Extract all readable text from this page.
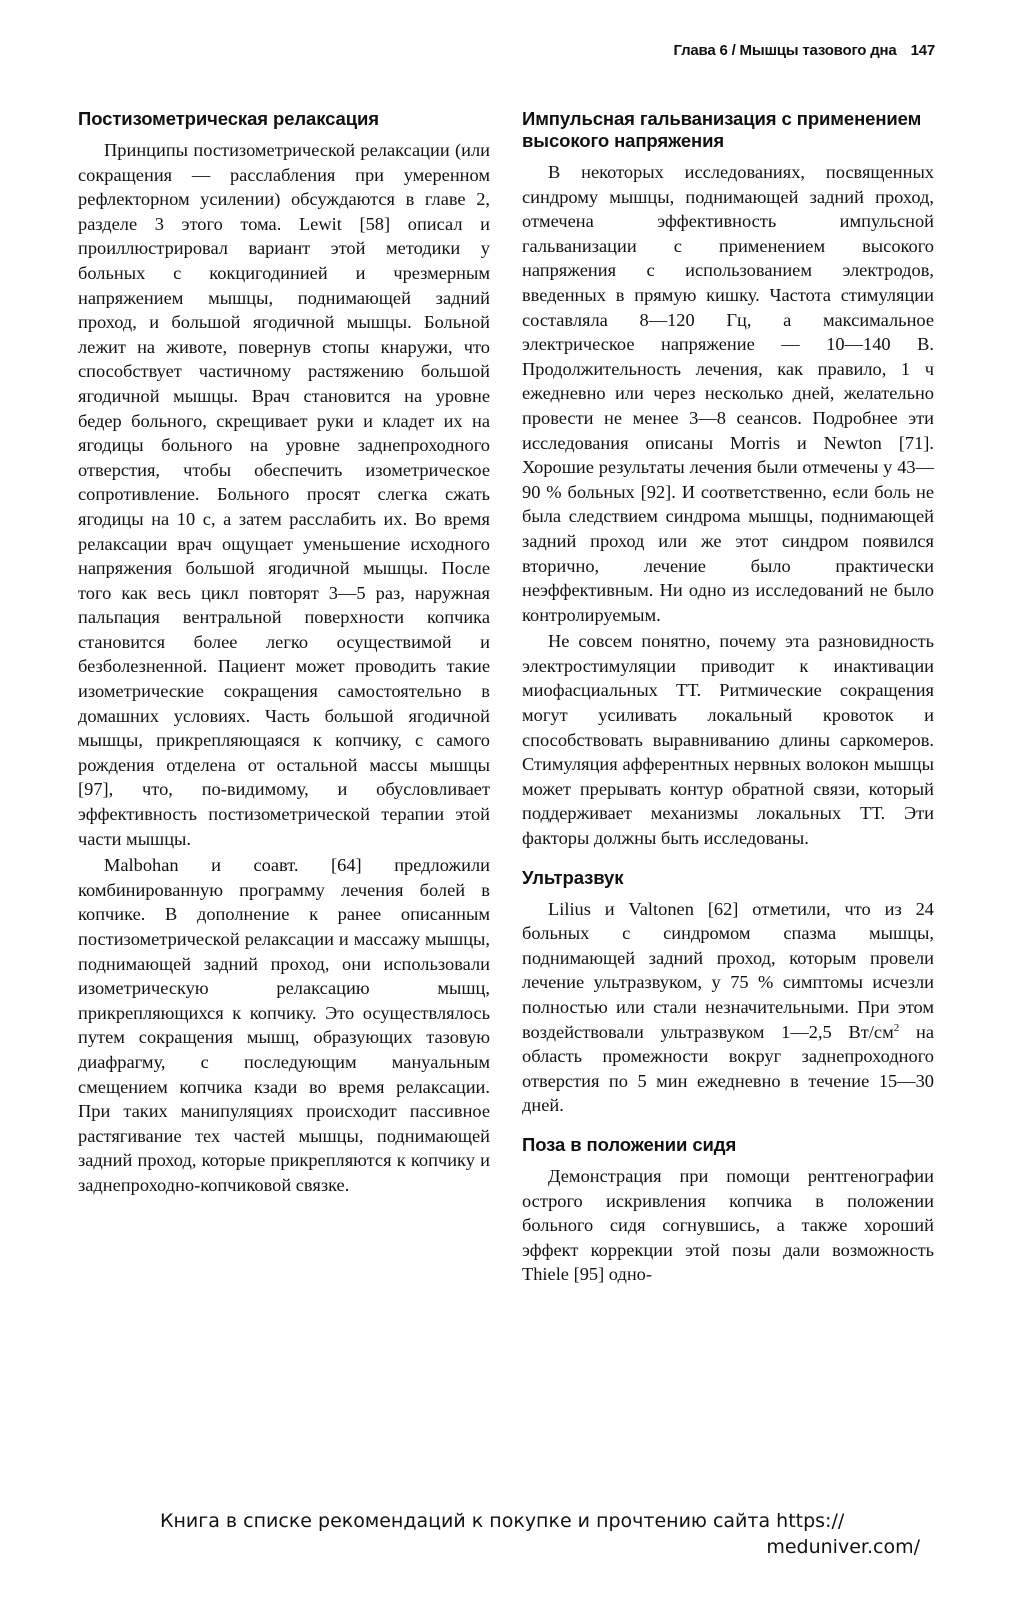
Глава 6 / Мышцы тазового дна 147
Постизометрическая релаксация

Принципы постизометрической релаксации (или сокращения — расслабления при умеренном рефлекторном усилении) обсуждаются в главе 2, разделе 3 этого тома. Lewit [58] описал и проиллюстрировал вариант этой методики у больных с кокцигодинией и чрезмерным напряжением мышцы, поднимающей задний проход, и большой ягодичной мышцы. Больной лежит на животе, повернув стопы кнаружи, что способствует частичному растяжению большой ягодичной мышцы. Врач становится на уровне бедер больного, скрещивает руки и кладет их на ягодицы больного на уровне заднепроходного отверстия, чтобы обеспечить изометрическое сопротивление. Больного просят слегка сжать ягодицы на 10 с, а затем расслабить их. Во время релаксации врач ощущает уменьшение исходного напряжения большой ягодичной мышцы. После того как весь цикл повторят 3—5 раз, наружная пальпация вентральной поверхности копчика становится более легко осуществимой и безболезненной. Пациент может проводить такие изометрические сокращения самостоятельно в домашних условиях. Часть большой ягодичной мышцы, прикрепляющаяся к копчику, с самого рождения отделена от остальной массы мышцы [97], что, по-видимому, и обусловливает эффективность постизометрической терапии этой части мышцы.

Malbohan и соавт. [64] предложили комбинированную программу лечения болей в копчике. В дополнение к ранее описанным постизометрической релаксации и массажу мышцы, поднимающей задний проход, они использовали изометрическую релаксацию мышц, прикрепляющихся к копчику. Это осуществлялось путем сокращения мышц, образующих тазовую диафрагму, с последующим мануальным смещением копчика кзади во время релаксации. При таких манипуляциях происходит пассивное растягивание тех частей мышцы, поднимающей задний проход, которые прикрепляются к копчику и заднепроходно-копчиковой связке.

Импульсная гальванизация с применением высокого напряжения

В некоторых исследованиях, посвященных синдрому мышцы, поднимающей задний проход, отмечена эффективность импульсной гальванизации с применением высокого напряжения с использованием электродов, введенных в прямую кишку. Частота стимуляции составляла 8—120 Гц, а максимальное электрическое напряжение — 10—140 В. Продолжительность лечения, как правило, 1 ч ежедневно или через несколько дней, желательно провести не менее 3—8 сеансов. Подробнее эти исследования описаны Morris и Newton [71]. Хорошие результаты лечения были отмечены у 43—90 % больных [92]. И соответственно, если боль не была следствием синдрома мышцы, поднимающей задний проход или же этот синдром появился вторично, лечение было практически неэффективным. Ни одно из исследований не было контролируемым.

Не совсем понятно, почему эта разновидность электростимуляции приводит к инактивации миофасциальных ТТ. Ритмические сокращения могут усиливать локальный кровоток и способствовать выравниванию длины саркомеров. Стимуляция афферентных нервных волокон мышцы может прерывать контур обратной связи, который поддерживает механизмы локальных ТТ. Эти факторы должны быть исследованы.

Ультразвук

Lilius и Valtonen [62] отметили, что из 24 больных с синдромом спазма мышцы, поднимающей задний проход, которым провели лечение ультразвуком, у 75 % симптомы исчезли полностью или стали незначительными. При этом воздействовали ультразвуком 1—2,5 $Вт/см^2$ на область промежности вокруг заднепроходного отверстия по 5 мин ежедневно в течение 15—30 дней.

Поза в положении сидя

Демонстрация при помощи рентгенографии острого искривления копчика в положении больного сидя согнувшись, а также хороший эффект коррекции этой позы дали возможность Thiele [95] одно-

Книга в списке рекомендаций к покупке и прочтению сайта https://
meduniver.com/
